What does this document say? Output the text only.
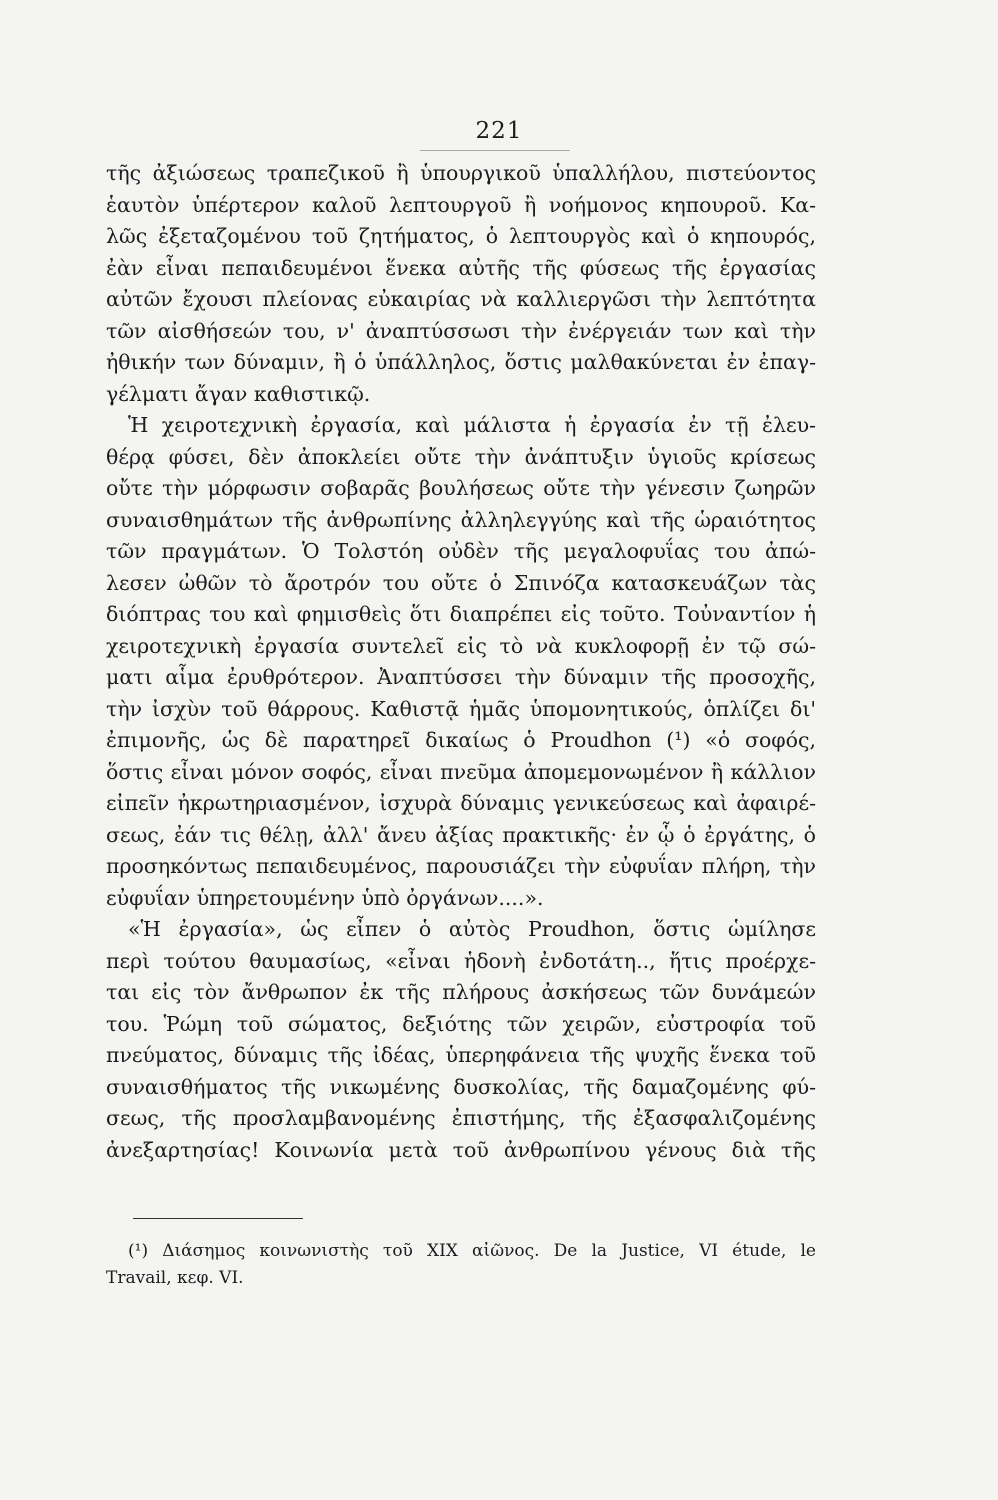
221
τῆς ἀξιώσεως τραπεζικοῦ ἢ ὑπουργικοῦ ὑπαλλήλου, πιστεύοντος
ἑαυτὸν ὑπέρτερον καλοῦ λεπτουργοῦ ἢ νοήμονος κηπουροῦ. Κα-
λῶς ἐξεταζομένου τοῦ ζητήματος, ὁ λεπτουργὸς καὶ ὁ κηπουρός,
ἐὰν εἶναι πεπαιδευμένοι ἕνεκα αὐτῆς τῆς φύσεως τῆς ἐργασίας
αὐτῶν ἔχουσι πλείονας εὐκαιρίας νὰ καλλιεργῶσι τὴν λεπτότητα
τῶν αἰσθήσεών του, ν' ἀναπτύσσωσι τὴν ἐνέργειάν των καὶ τὴν
ἠθικήν των δύναμιν, ἢ ὁ ὑπάλληλος, ὅστις μαλθακύνεται ἐν ἐπαγ-
γέλματι ἄγαν καθιστικῷ.
Ἡ χειροτεχνικὴ ἐργασία, καὶ μάλιστα ἡ ἐργασία ἐν τῇ ἐλευ-
θέρᾳ φύσει, δὲν ἀποκλείει οὔτε τὴν ἀνάπτυξιν ὑγιοῦς κρίσεως
οὔτε τὴν μόρφωσιν σοβαρᾶς βουλήσεως οὔτε τὴν γένεσιν ζωηρῶν
συναισθημάτων τῆς ἀνθρωπίνης ἀλληλεγγύης καὶ τῆς ὡραιότητος
τῶν πραγμάτων. Ὁ Τολστόη οὐδὲν τῆς μεγαλοφυΐας του ἀπώ-
λεσεν ὠθῶν τὸ ἄροτρόν του οὔτε ὁ Σπινόζα κατασκευάζων τὰς
διόπτρας του καὶ φημισθεὶς ὅτι διαπρέπει εἰς τοῦτο. Τοὐναντίον ἡ
χειροτεχνικὴ ἐργασία συντελεῖ εἰς τὸ νὰ κυκλοφορῇ ἐν τῷ σώ-
ματι αἷμα ἐρυθρότερον. Ἀναπτύσσει τὴν δύναμιν τῆς προσοχῆς,
τὴν ἰσχὺν τοῦ θάρρους. Καθιστᾷ ἡμᾶς ὑπομονητικούς, ὁπλίζει δι'
ἐπιμονῆς, ὡς δὲ παρατηρεῖ δικαίως ὁ Proudhon (¹) «ὁ σοφός,
ὅστις εἶναι μόνον σοφός, εἶναι πνεῦμα ἀπομεμονωμένον ἢ κάλλιον
εἰπεῖν ἠκρωτηριασμένον, ἰσχυρὰ δύναμις γενικεύσεως καὶ ἀφαιρέ-
σεως, ἐάν τις θέλῃ, ἀλλ' ἄνευ ἀξίας πρακτικῆς· ἐν ᾧ ὁ ἐργάτης, ὁ
προσηκόντως πεπαιδευμένος, παρουσιάζει τὴν εὐφυΐαν πλήρη, τὴν
εὐφυΐαν ὑπηρετουμένην ὑπὸ ὀργάνων....».
«Ἡ ἐργασία», ὡς εἶπεν ὁ αὐτὸς Proudhon, ὅστις ὡμίλησε
περὶ τούτου θαυμασίως, «εἶναι ἡδονὴ ἐνδοτάτη.., ἥτις προέρχε-
ται εἰς τὸν ἄνθρωπον ἐκ τῆς πλήρους ἀσκήσεως τῶν δυνάμεών
του. Ῥώμη τοῦ σώματος, δεξιότης τῶν χειρῶν, εὐστροφία τοῦ
πνεύματος, δύναμις τῆς ἰδέας, ὑπερηφάνεια τῆς ψυχῆς ἕνεκα τοῦ
συναισθήματος τῆς νικωμένης δυσκολίας, τῆς δαμαζομένης φύ-
σεως, τῆς προσλαμβανομένης ἐπιστήμης, τῆς ἐξασφαλιζομένης
ἀνεξαρτησίας! Κοινωνία μετὰ τοῦ ἀνθρωπίνου γένους διὰ τῆς
(¹) Διάσημος κοινωνιστὴς τοῦ XIX αἰῶνος. De la Justice, VI étude, le
Travail, κεφ. VI.
